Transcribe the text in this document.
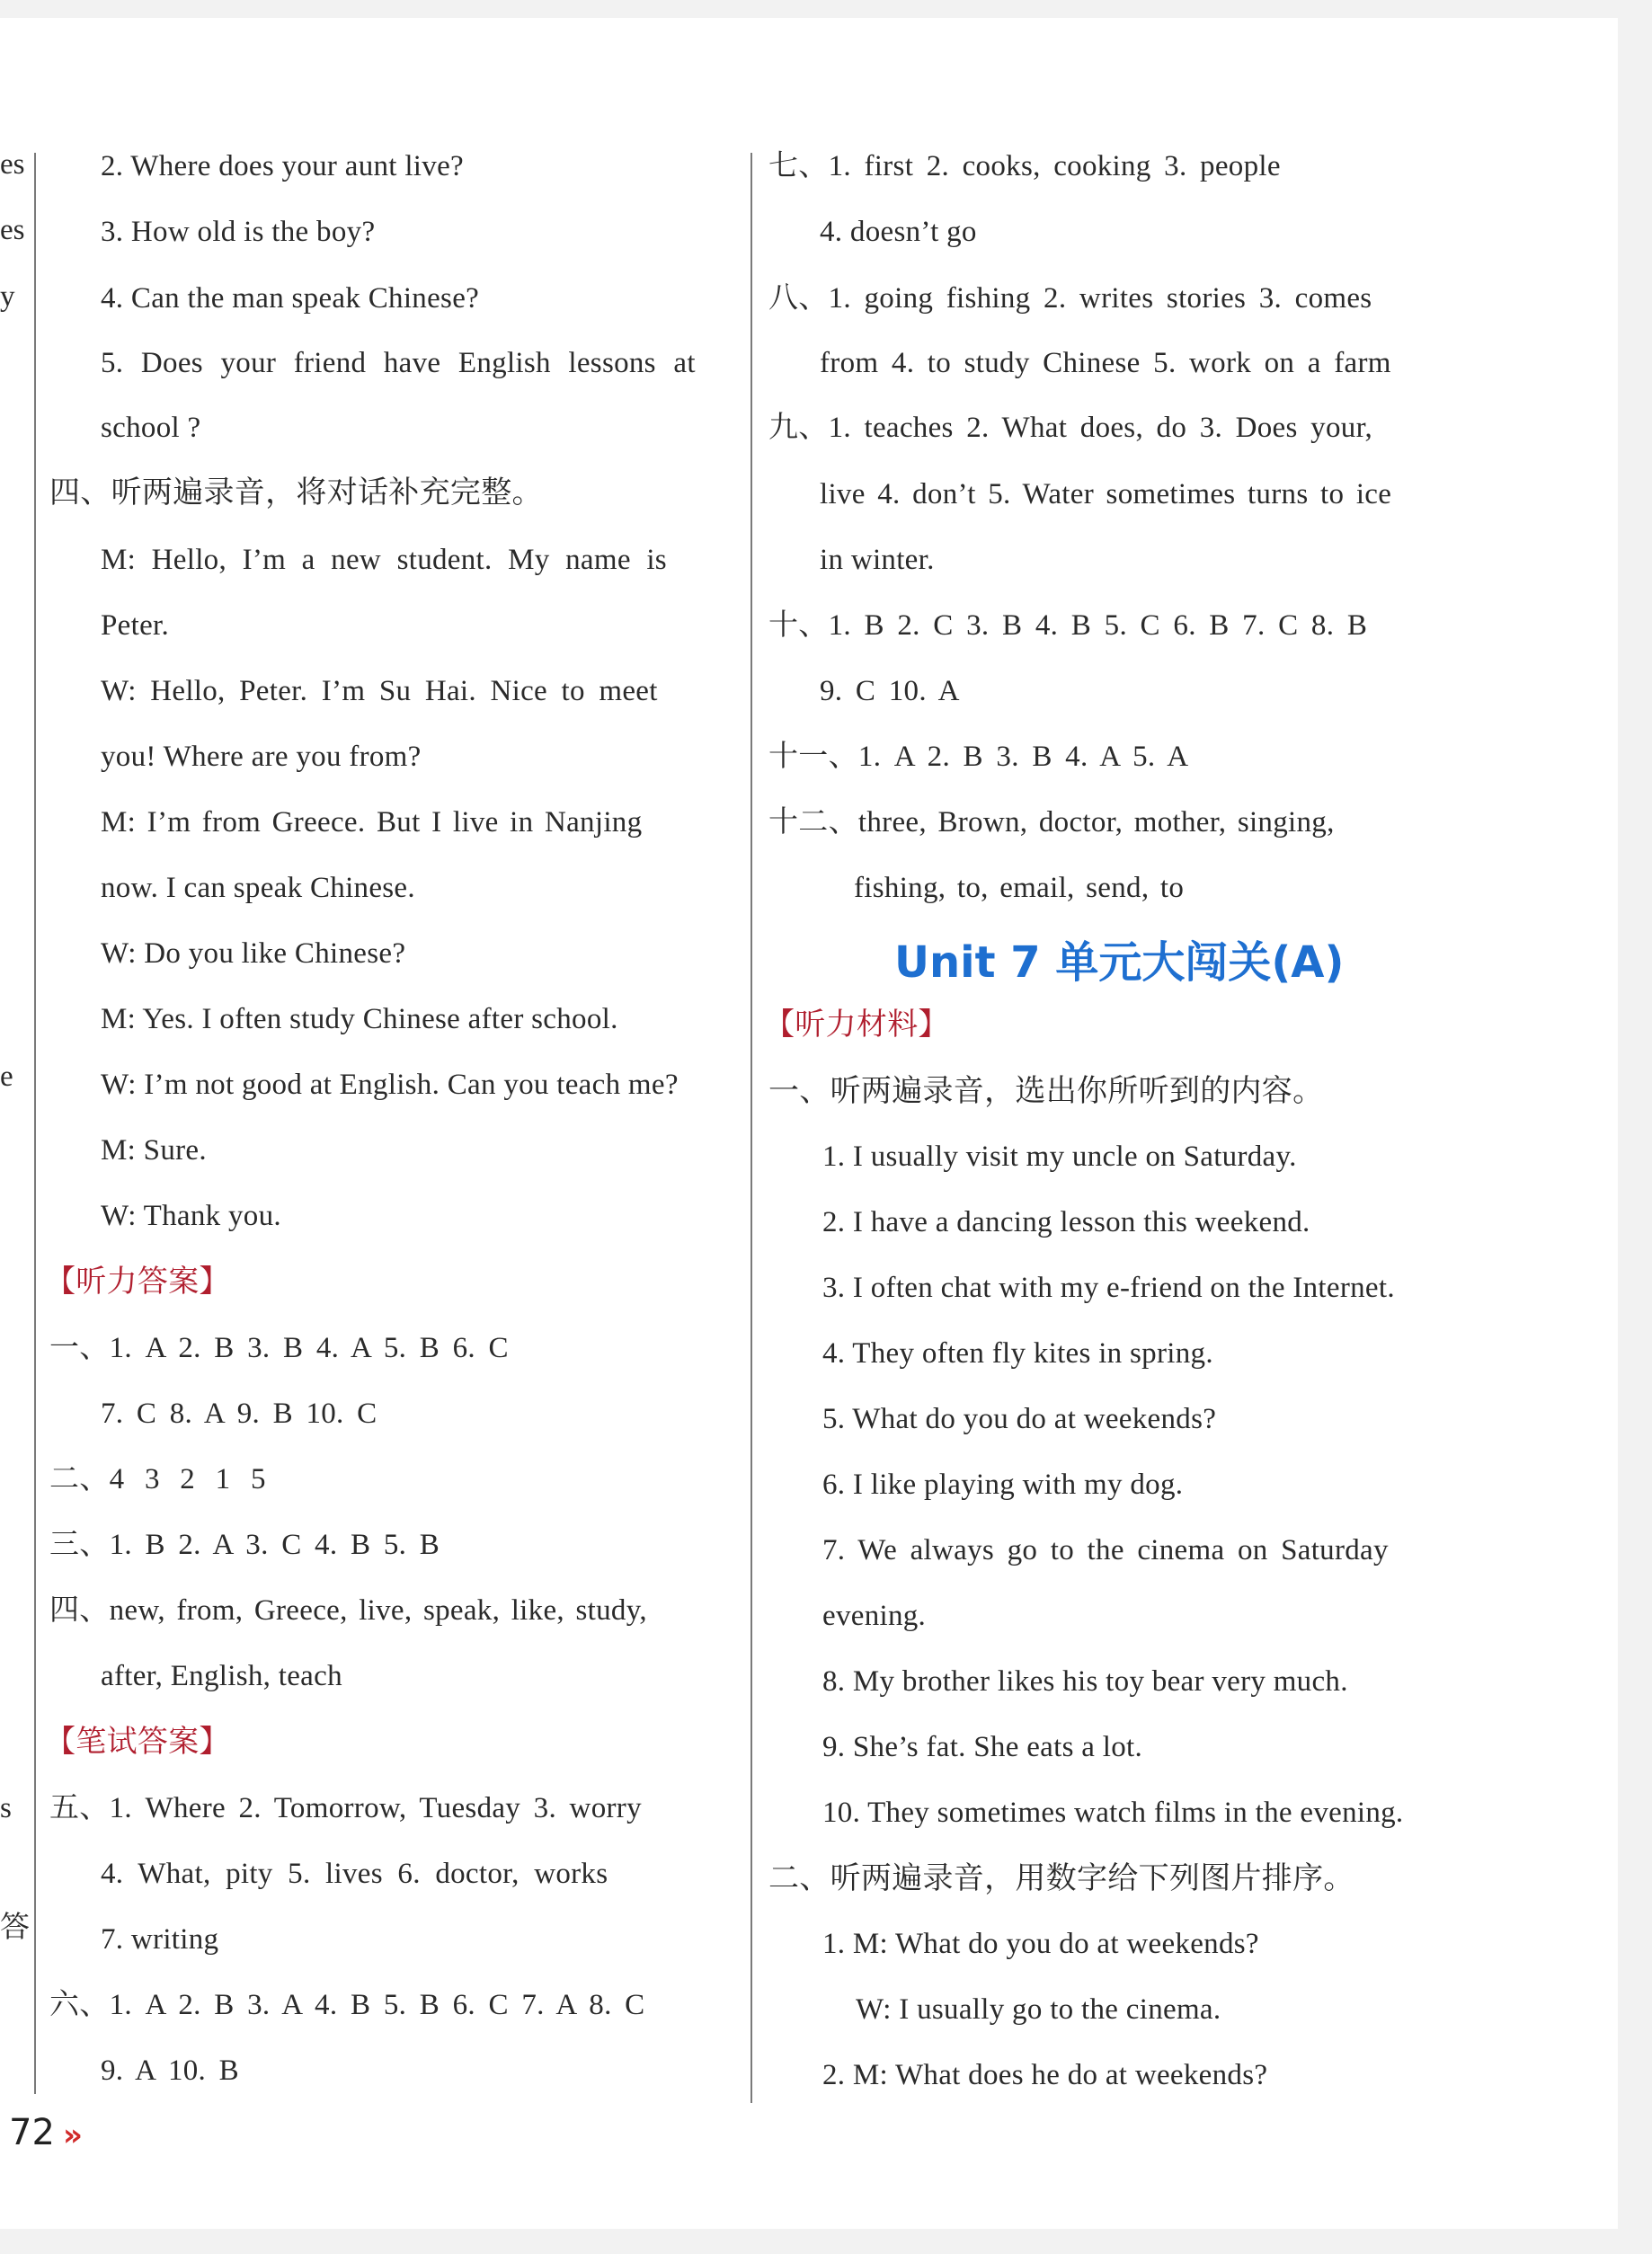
es
es
y
e
s
答
2. Where does your aunt live?
3. How old is the boy?
4. Can the man speak Chinese?
5. Does your friend have English lessons at
school ?
四、听两遍录音，将对话补充完整。
M: Hello, I’m a new student. My name is
Peter.
W: Hello, Peter. I’m Su Hai. Nice to meet
you! Where are you from?
M: I’m from Greece. But I live in Nanjing
now. I can speak Chinese.
W: Do you like Chinese?
M: Yes. I often study Chinese after school.
W: I’m not good at English. Can you teach me?
M: Sure.
W: Thank you.
【听力答案】
一、1. A 2. B 3. B 4. A 5. B 6. C
7. C 8. A 9. B 10. C
二、4 3 2 1 5
三、1. B 2. A 3. C 4. B 5. B
四、new, from, Greece, live, speak, like, study,
after, English, teach
【笔试答案】
五、1. Where 2. Tomorrow, Tuesday 3. worry
4. What, pity 5. lives 6. doctor, works
7. writing
六、1. A 2. B 3. A 4. B 5. B 6. C 7. A 8. C
9. A 10. B
七、1. first 2. cooks, cooking 3. people
4. doesn’t go
八、1. going fishing 2. writes stories 3. comes
from 4. to study Chinese 5. work on a farm
九、1. teaches 2. What does, do 3. Does your,
live 4. don’t 5. Water sometimes turns to ice
in winter.
十、1. B 2. C 3. B 4. B 5. C 6. B 7. C 8. B
9. C 10. A
十一、1. A 2. B 3. B 4. A 5. A
十二、three, Brown, doctor, mother, singing,
fishing, to, email, send, to
Unit 7 单元大闯关(A)
【听力材料】
一、听两遍录音，选出你所听到的内容。
1. I usually visit my uncle on Saturday.
2. I have a dancing lesson this weekend.
3. I often chat with my e-friend on the Internet.
4. They often fly kites in spring.
5. What do you do at weekends?
6. I like playing with my dog.
7. We always go to the cinema on Saturday
evening.
8. My brother likes his toy bear very much.
9. She’s fat. She eats a lot.
10. They sometimes watch films in the evening.
二、听两遍录音，用数字给下列图片排序。
1. M: What do you do at weekends?
W: I usually go to the cinema.
2. M: What does he do at weekends?
72 »
